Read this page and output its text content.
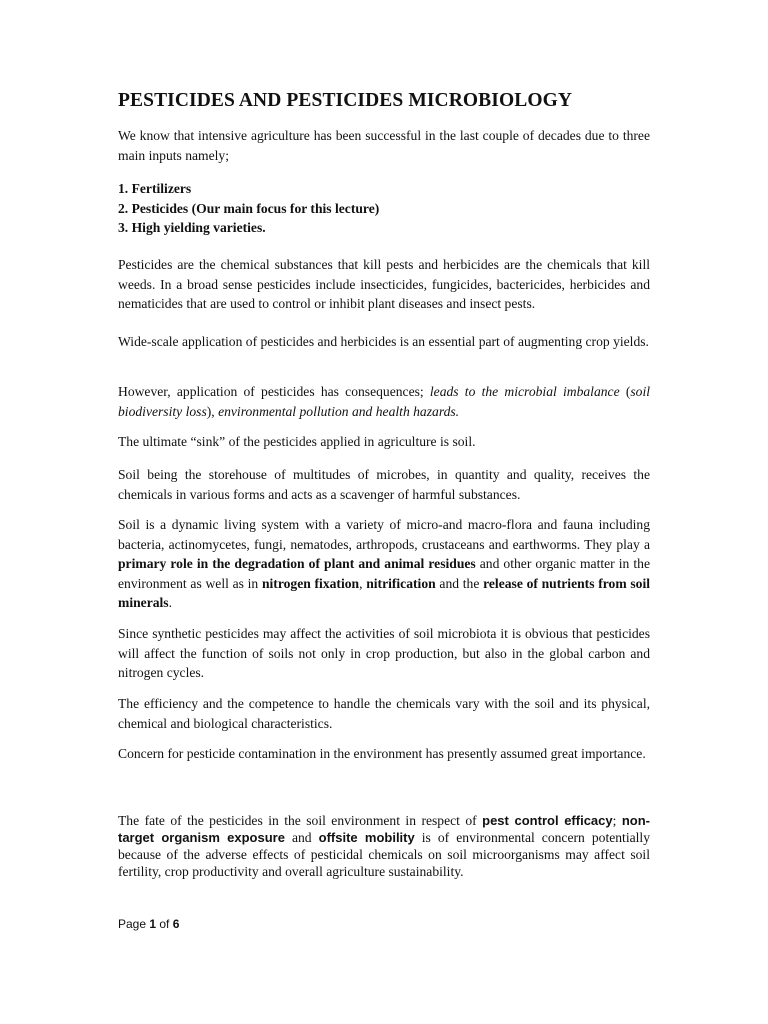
PESTICIDES AND PESTICIDES MICROBIOLOGY

We know that intensive agriculture has been successful in the last couple of decades due to three main inputs namely;

1. Fertilizers
2. Pesticides (Our main focus for this lecture)
3. High yielding varieties.

Pesticides are the chemical substances that kill pests and herbicides are the chemicals that kill weeds. In a broad sense pesticides include insecticides, fungicides, bactericides, herbicides and nematicides that are used to control or inhibit plant diseases and insect pests.

Wide-scale application of pesticides and herbicides is an essential part of augmenting crop yields.

However, application of pesticides has consequences; leads to the microbial imbalance (soil biodiversity loss), environmental pollution and health hazards.

The ultimate “sink” of the pesticides applied in agriculture is soil.

Soil being the storehouse of multitudes of microbes, in quantity and quality, receives the chemicals in various forms and acts as a scavenger of harmful substances.

Soil is a dynamic living system with a variety of micro-and macro-flora and fauna including bacteria, actinomycetes, fungi, nematodes, arthropods, crustaceans and earthworms. They play a primary role in the degradation of plant and animal residues and other organic matter in the environment as well as in nitrogen fixation, nitrification and the release of nutrients from soil minerals.

Since synthetic pesticides may affect the activities of soil microbiota it is obvious that pesticides will affect the function of soils not only in crop production, but also in the global carbon and nitrogen cycles.

The efficiency and the competence to handle the chemicals vary with the soil and its physical, chemical and biological characteristics.

Concern for pesticide contamination in the environment has presently assumed great importance.

The fate of the pesticides in the soil environment in respect of pest control efficacy; non-target organism exposure and offsite mobility is of environmental concern potentially because of the adverse effects of pesticidal chemicals on soil microorganisms may affect soil fertility, crop productivity and overall agriculture sustainability.

Page 1 of 6
